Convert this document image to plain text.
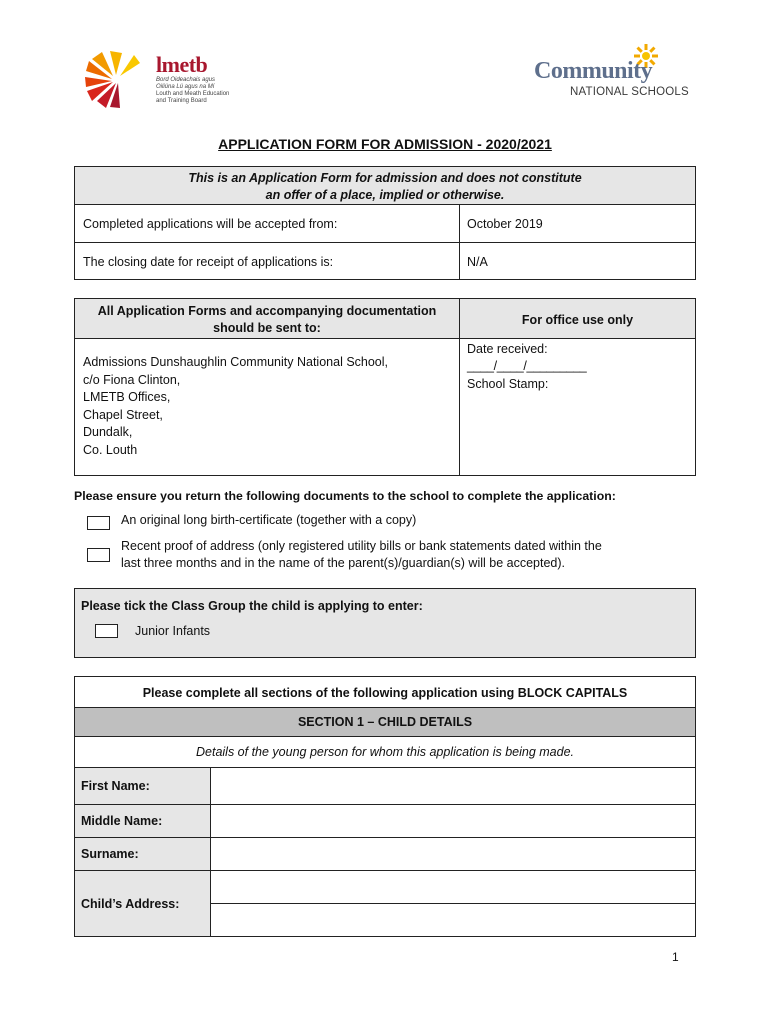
lmetb
Bord Oideachais agus
Oiliúna Lú agus na Mí
Louth and Meath Education
and Training Board
Community
NATIONAL SCHOOLS
APPLICATION FORM FOR ADMISSION - 2020/2021
This is an Application Form for admission and does not constitute
an offer of a place, implied or otherwise.
Completed applications will be accepted from:	October 2019
The closing date for receipt of applications is:	N/A
All Application Forms and accompanying documentation
should be sent to:
For office use only
Admissions Dunshaughlin Community National School,
c/o Fiona Clinton,
LMETB Offices,
Chapel Street,
Dundalk,
Co. Louth
Date received:
____/____/_________
School Stamp:
Please ensure you return the following documents to the school to complete the application:
An original long birth-certificate (together with a copy)
Recent proof of address (only registered utility bills or bank statements dated within the
last three months and in the name of the parent(s)/guardian(s) will be accepted).
Please tick the Class Group the child is applying to enter:
Junior Infants
Please complete all sections of the following application using BLOCK CAPITALS
SECTION 1 – CHILD DETAILS
Details of the young person for whom this application is being made.
First Name:
Middle Name:
Surname:
Child’s Address:
1
